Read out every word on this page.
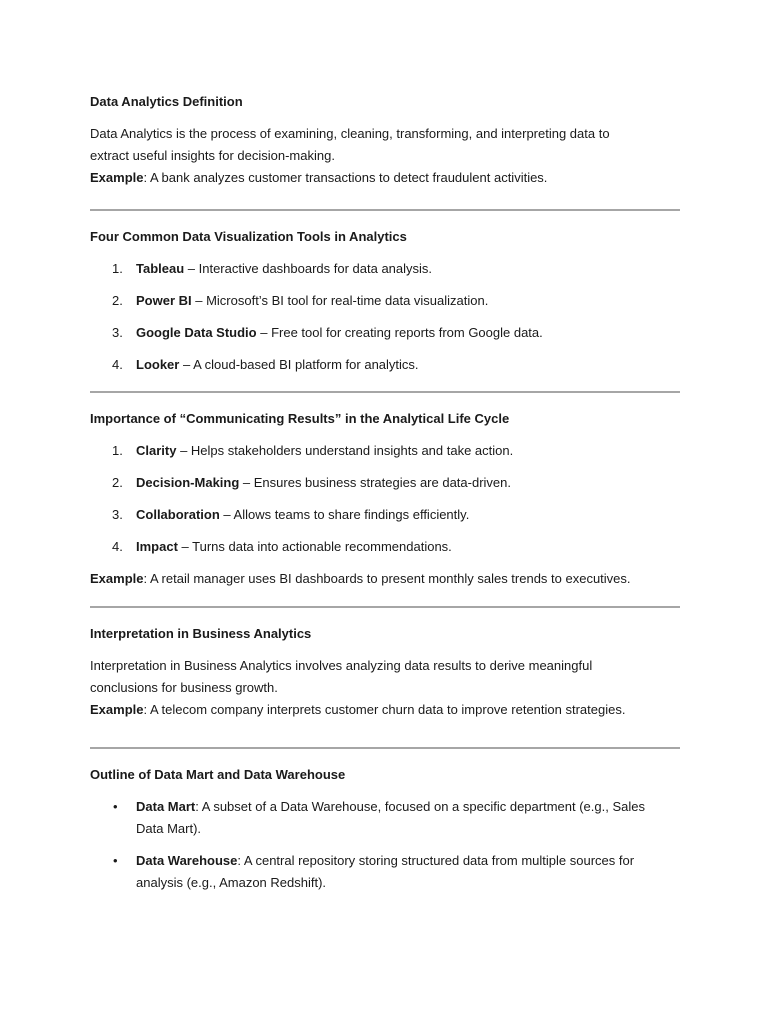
Data Analytics Definition
Data Analytics is the process of examining, cleaning, transforming, and interpreting data to
extract useful insights for decision-making.
Example: A bank analyzes customer transactions to detect fraudulent activities.
Four Common Data Visualization Tools in Analytics
1. Tableau – Interactive dashboards for data analysis.
2. Power BI – Microsoft’s BI tool for real-time data visualization.
3. Google Data Studio – Free tool for creating reports from Google data.
4. Looker – A cloud-based BI platform for analytics.
Importance of “Communicating Results” in the Analytical Life Cycle
1. Clarity – Helps stakeholders understand insights and take action.
2. Decision-Making – Ensures business strategies are data-driven.
3. Collaboration – Allows teams to share findings efficiently.
4. Impact – Turns data into actionable recommendations.
Example: A retail manager uses BI dashboards to present monthly sales trends to executives.
Interpretation in Business Analytics
Interpretation in Business Analytics involves analyzing data results to derive meaningful
conclusions for business growth.
Example: A telecom company interprets customer churn data to improve retention strategies.
Outline of Data Mart and Data Warehouse
• Data Mart: A subset of a Data Warehouse, focused on a specific department (e.g., Sales
Data Mart).
• Data Warehouse: A central repository storing structured data from multiple sources for
analysis (e.g., Amazon Redshift).
